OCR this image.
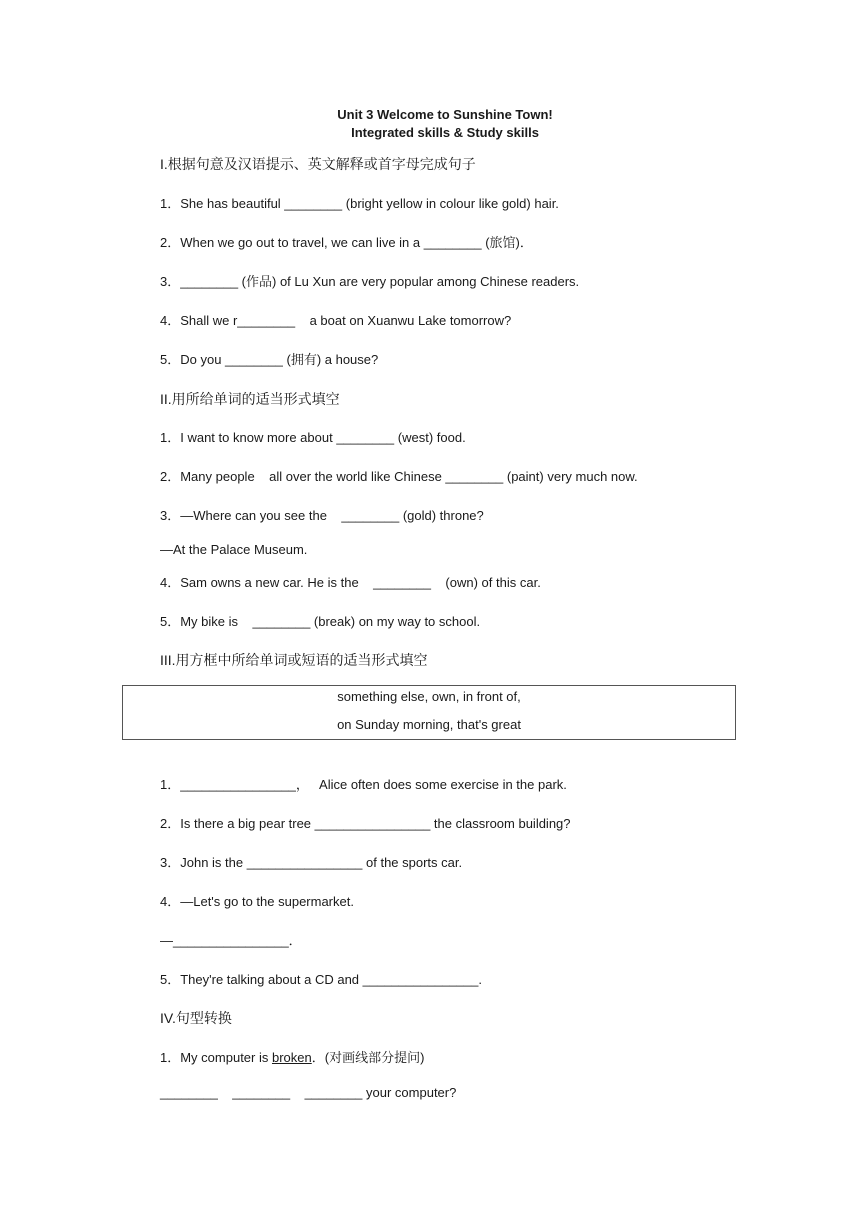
Unit 3 Welcome to Sunshine Town!
Integrated skills & Study skills
I.根据句意及汉语提示、英文解释或首字母完成句子
1．She has beautiful ________ (bright yellow in colour like gold) hair.
2．When we go out to travel, we can live in a ________ (旅馆)．
3．________ (作品) of Lu Xun are very popular among Chinese readers.
4．Shall we r________    a boat on Xuanwu Lake tomorrow?
5．Do you ________ (拥有) a house?
II.用所给单词的适当形式填空
1．I want to know more about ________ (west) food.
2．Many people    all over the world like Chinese ________ (paint) very much now.
3．—Where can you see the    ________ (gold) throne?
—At the Palace Museum.
4．Sam owns a new car. He is the    ________    (own) of this car.
5．My bike is    ________ (break) on my way to school.
III.用方框中所给单词或短语的适当形式填空
something else, own, in front of,
on Sunday morning, that's great
1．________________，   Alice often does some exercise in the park.
2．Is there a big pear tree ________________ the classroom building?
3．John is the ________________ of the sports car.
4．—Let's go to the supermarket.
—________________．
5．They're talking about a CD and ________________.
IV.句型转换
1．My computer is broken．(对画线部分提问)
________    ________    ________ your computer?
